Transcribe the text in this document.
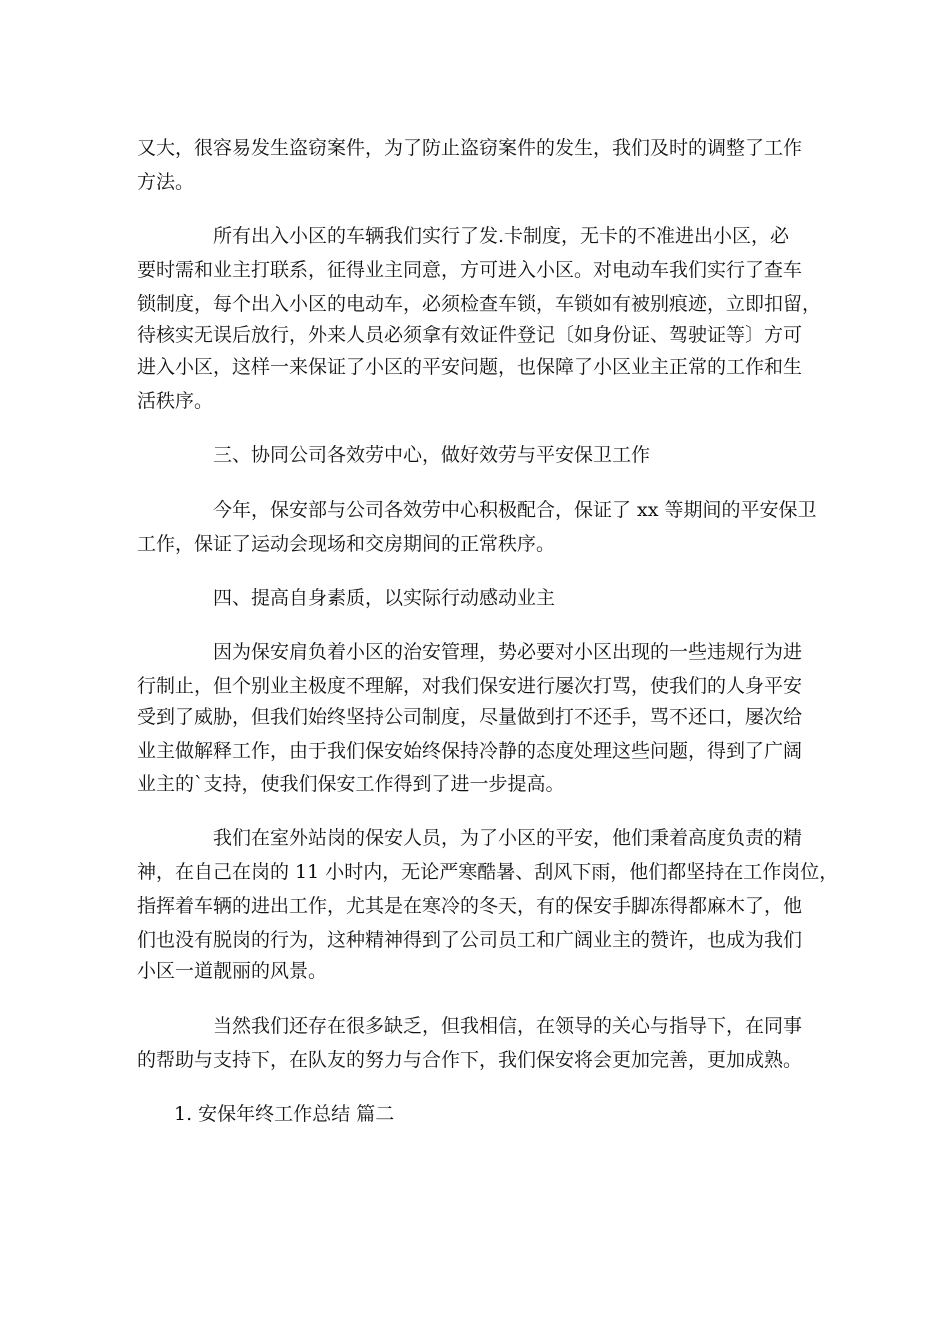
又大，很容易发生盗窃案件，为了防止盗窃案件的发生，我们及时的调整了工作
方法。
所有出入小区的车辆我们实行了发.卡制度，无卡的不准进出小区，必
要时需和业主打联系，征得业主同意，方可进入小区。对电动车我们实行了查车
锁制度，每个出入小区的电动车，必须检查车锁，车锁如有被别痕迹，立即扣留，
待核实无误后放行，外来人员必须拿有效证件登记〔如身份证、驾驶证等〕方可
进入小区，这样一来保证了小区的平安问题，也保障了小区业主正常的工作和生
活秩序。
三、协同公司各效劳中心，做好效劳与平安保卫工作
今年，保安部与公司各效劳中心积极配合，保证了 xx 等期间的平安保卫
工作，保证了运动会现场和交房期间的正常秩序。
四、提高自身素质，以实际行动感动业主
因为保安肩负着小区的治安管理，势必要对小区出现的一些违规行为进
行制止，但个别业主极度不理解，对我们保安进行屡次打骂，使我们的人身平安
受到了威胁，但我们始终坚持公司制度，尽量做到打不还手，骂不还口，屡次给
业主做解释工作，由于我们保安始终保持冷静的态度处理这些问题，得到了广阔
业主的`支持，使我们保安工作得到了进一步提高。
我们在室外站岗的保安人员，为了小区的平安，他们秉着高度负责的精
神，在自己在岗的 11 小时内，无论严寒酷暑、刮风下雨，他们都坚持在工作岗位，
指挥着车辆的进出工作，尤其是在寒冷的冬天，有的保安手脚冻得都麻木了，他
们也没有脱岗的行为，这种精神得到了公司员工和广阔业主的赞许，也成为我们
小区一道靓丽的风景。
当然我们还存在很多缺乏，但我相信，在领导的关心与指导下，在同事
的帮助与支持下，在队友的努力与合作下，我们保安将会更加完善，更加成熟。
1. 安保年终工作总结 篇二
